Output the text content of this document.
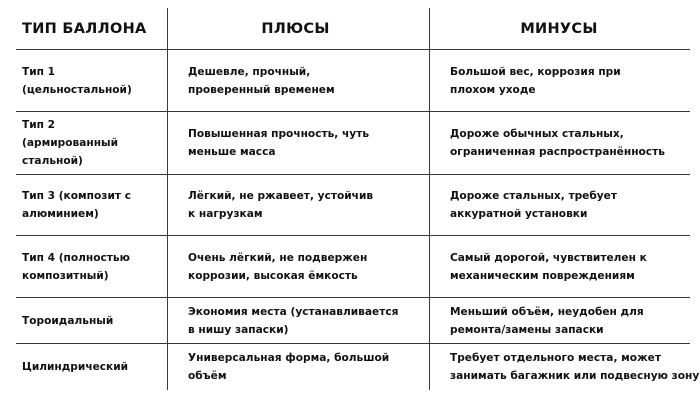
ТИП БАЛЛОНА	ПЛЮСЫ	МИНУСЫ
Тип 1
(цельностальной)
Дешевле, прочный,
проверенный временем
Большой вес, коррозия при
плохом уходе
Тип 2
(армированный
стальной)
Повышенная прочность, чуть
меньше масса
Дороже обычных стальных,
ограниченная распространённость
Тип 3 (композит с
алюминием)
Лёгкий, не ржавеет, устойчив
к нагрузкам
Дороже стальных, требует
аккуратной установки
Тип 4 (полностью
композитный)
Очень лёгкий, не подвержен
коррозии, высокая ёмкость
Самый дорогой, чувствителен к
механическим повреждениям
Тороидальный
Экономия места (устанавливается
в нишу запаски)
Меньший объём, неудобен для
ремонта/замены запаски
Цилиндрический
Универсальная форма, большой
объём
Требует отдельного места, может
занимать багажник или подвесную зону
